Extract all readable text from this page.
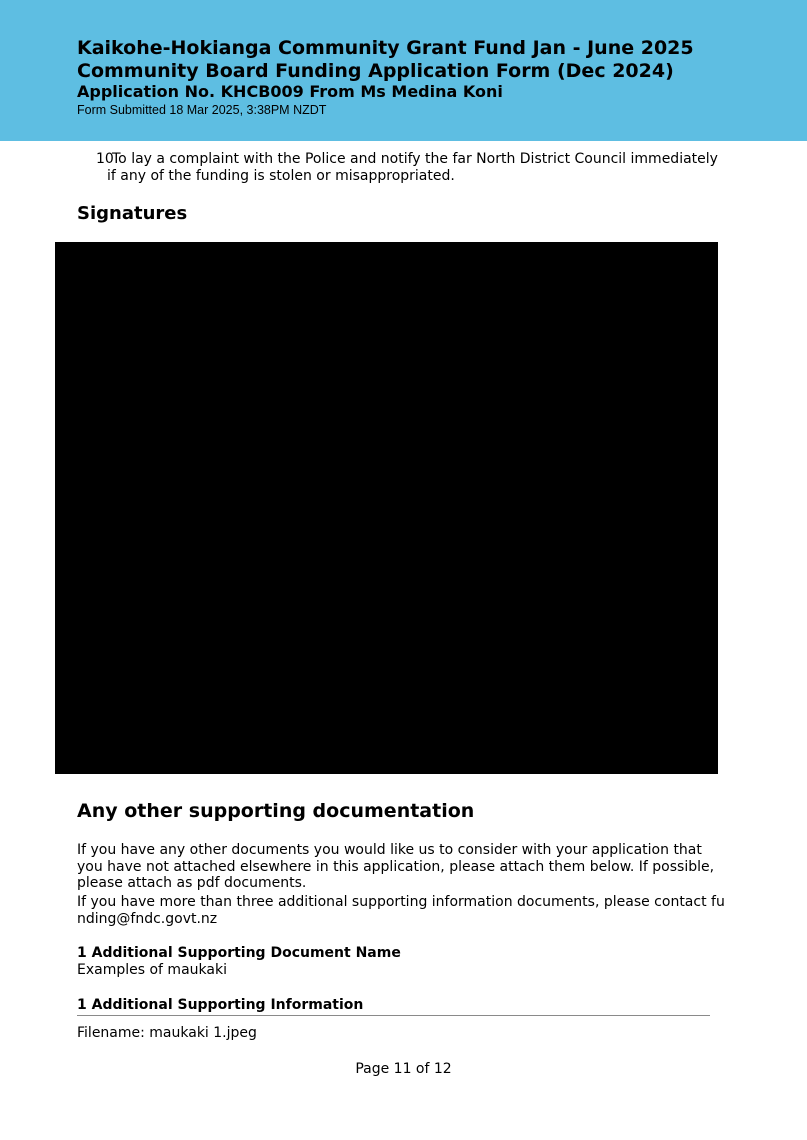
Kaikohe-Hokianga Community Grant Fund Jan - June 2025
Community Board Funding Application Form (Dec 2024)
Application No. KHCB009 From Ms Medina Koni
Form Submitted 18 Mar 2025, 3:38PM NZDT
10
To lay a complaint with the Police and notify the far North District Council immediately
if any of the funding is stolen or misappropriated.
Signatures
Any other supporting documentation
If you have any other documents you would like us to consider with your application that
you have not attached elsewhere in this application, please attach them below. If possible,
please attach as pdf documents.
If you have more than three additional supporting information documents, please contact fu
nding@fndc.govt.nz
1 Additional Supporting Document Name
Examples of maukaki
1 Additional Supporting Information
Filename: maukaki 1.jpeg
Page 11 of 12
